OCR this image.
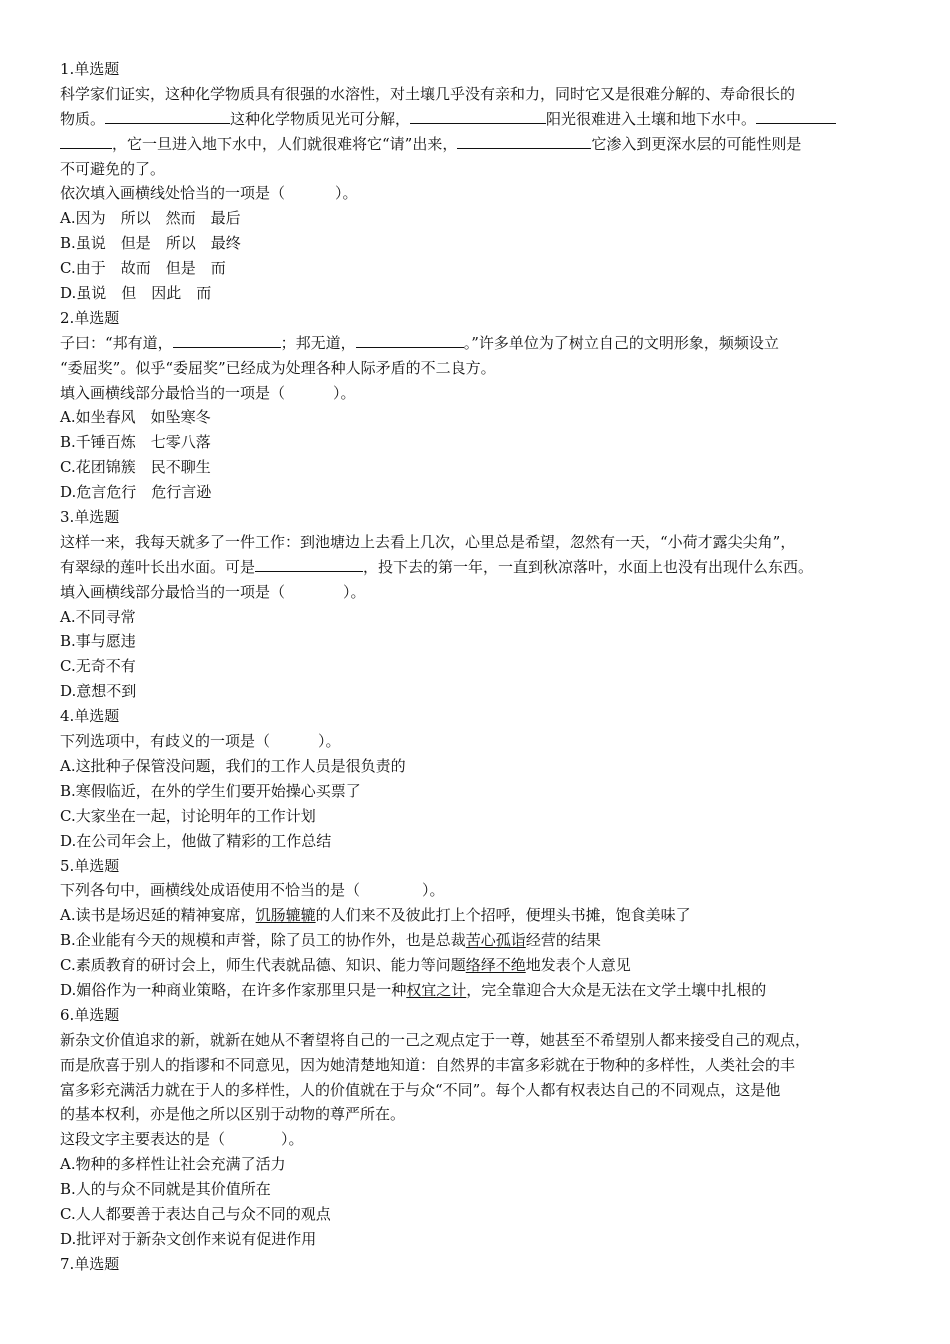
1.单选题
科学家们证实，这种化学物质具有很强的水溶性，对土壤几乎没有亲和力，同时它又是很难分解的、寿命很长的
物质。	这种化学物质见光可分解，	阳光很难进入土壤和地下水中。
，它一旦进入地下水中，人们就很难将它“请”出来，	它渗入到更深水层的可能性则是
不可避免的了。
依次填入画横线处恰当的一项是（	）。
A.因为　所以　然而　最后
B.虽说　但是　所以　最终
C.由于　故而　但是　而
D.虽说　但　因此　而
2.单选题
子曰：“邦有道，	；邦无道，	。”许多单位为了树立自己的文明形象，频频设立
“委屈奖”。似乎“委屈奖”已经成为处理各种人际矛盾的不二良方。
填入画横线部分最恰当的一项是（	）。
A.如坐春风　如坠寒冬
B.千锤百炼　七零八落
C.花团锦簇　民不聊生
D.危言危行　危行言逊
3.单选题
这样一来，我每天就多了一件工作：到池塘边上去看上几次，心里总是希望，忽然有一天，“小荷才露尖尖角”，
有翠绿的莲叶长出水面。可是	，投下去的第一年，一直到秋凉落叶，水面上也没有出现什么东西。
填入画横线部分最恰当的一项是（	）。
A.不同寻常
B.事与愿违
C.无奇不有
D.意想不到
4.单选题
下列选项中，有歧义的一项是（	）。
A.这批种子保管没问题，我们的工作人员是很负责的
B.寒假临近，在外的学生们要开始操心买票了
C.大家坐在一起，讨论明年的工作计划
D.在公司年会上，他做了精彩的工作总结
5.单选题
下列各句中，画横线处成语使用不恰当的是（	）。
A.读书是场迟延的精神宴席，饥肠辘辘的人们来不及彼此打上个招呼，便埋头书摊，饱食美味了
B.企业能有今天的规模和声誉，除了员工的协作外，也是总裁苦心孤诣经营的结果
C.素质教育的研讨会上，师生代表就品德、知识、能力等问题络绎不绝地发表个人意见
D.媚俗作为一种商业策略，在许多作家那里只是一种权宜之计，完全靠迎合大众是无法在文学土壤中扎根的
6.单选题
新杂文价值追求的新，就新在她从不奢望将自己的一己之观点定于一尊，她甚至不希望别人都来接受自己的观点，
而是欣喜于别人的指谬和不同意见，因为她清楚地知道：自然界的丰富多彩就在于物种的多样性，人类社会的丰
富多彩充满活力就在于人的多样性，人的价值就在于与众“不同”。每个人都有权表达自己的不同观点，这是他
的基本权利，亦是他之所以区别于动物的尊严所在。
这段文字主要表达的是（	）。
A.物种的多样性让社会充满了活力
B.人的与众不同就是其价值所在
C.人人都要善于表达自己与众不同的观点
D.批评对于新杂文创作来说有促进作用
7.单选题
